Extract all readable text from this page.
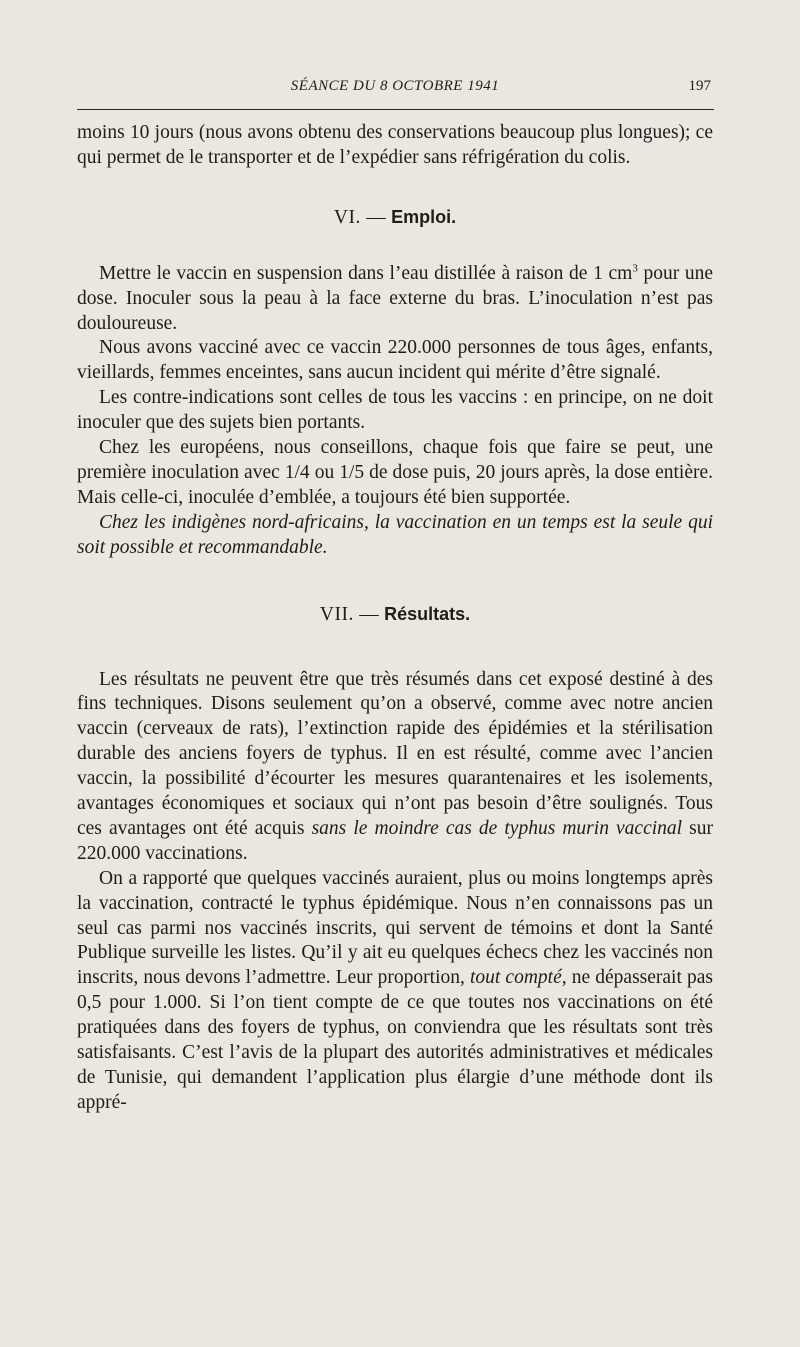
SÉANCE DU 8 OCTOBRE 1941	197

moins 10 jours (nous avons obtenu des conservations beaucoup plus longues); ce qui permet de le transporter et de l’expédier sans réfrigération du colis.

VI. — Emploi.

Mettre le vaccin en suspension dans l’eau distillée à raison de 1 $cm^3$ pour une dose. Inoculer sous la peau à la face externe du bras. L’inoculation n’est pas douloureuse.

Nous avons vacciné avec ce vaccin 220.000 personnes de tous âges, enfants, vieillards, femmes enceintes, sans aucun incident qui mérite d’être signalé.

Les contre-indications sont celles de tous les vaccins : en principe, on ne doit inoculer que des sujets bien portants.

Chez les européens, nous conseillons, chaque fois que faire se peut, une première inoculation avec 1/4 ou 1/5 de dose puis, 20 jours après, la dose entière. Mais celle-ci, inoculée d’emblée, a toujours été bien supportée.

Chez les indigènes nord-africains, la vaccination en un temps est la seule qui soit possible et recommandable.

VII. — Résultats.

Les résultats ne peuvent être que très résumés dans cet exposé destiné à des fins techniques. Disons seulement qu’on a observé, comme avec notre ancien vaccin (cerveaux de rats), l’extinction rapide des épidémies et la stérilisation durable des anciens foyers de typhus. Il en est résulté, comme avec l’ancien vaccin, la possibilité d’écourter les mesures quarantenaires et les isolements, avantages économiques et sociaux qui n’ont pas besoin d’être soulignés. Tous ces avantages ont été acquis sans le moindre cas de typhus murin vaccinal sur 220.000 vaccinations.

On a rapporté que quelques vaccinés auraient, plus ou moins longtemps après la vaccination, contracté le typhus épidémique. Nous n’en connaissons pas un seul cas parmi nos vaccinés inscrits, qui servent de témoins et dont la Santé Publique surveille les listes. Qu’il y ait eu quelques échecs chez les vaccinés non inscrits, nous devons l’admettre. Leur proportion, tout compté, ne dépasserait pas 0,5 pour 1.000. Si l’on tient compte de ce que toutes nos vaccinations on été pratiquées dans des foyers de typhus, on conviendra que les résultats sont très satisfaisants. C’est l’avis de la plupart des autorités administratives et médicales de Tunisie, qui demandent l’application plus élargie d’une méthode dont ils appré-
